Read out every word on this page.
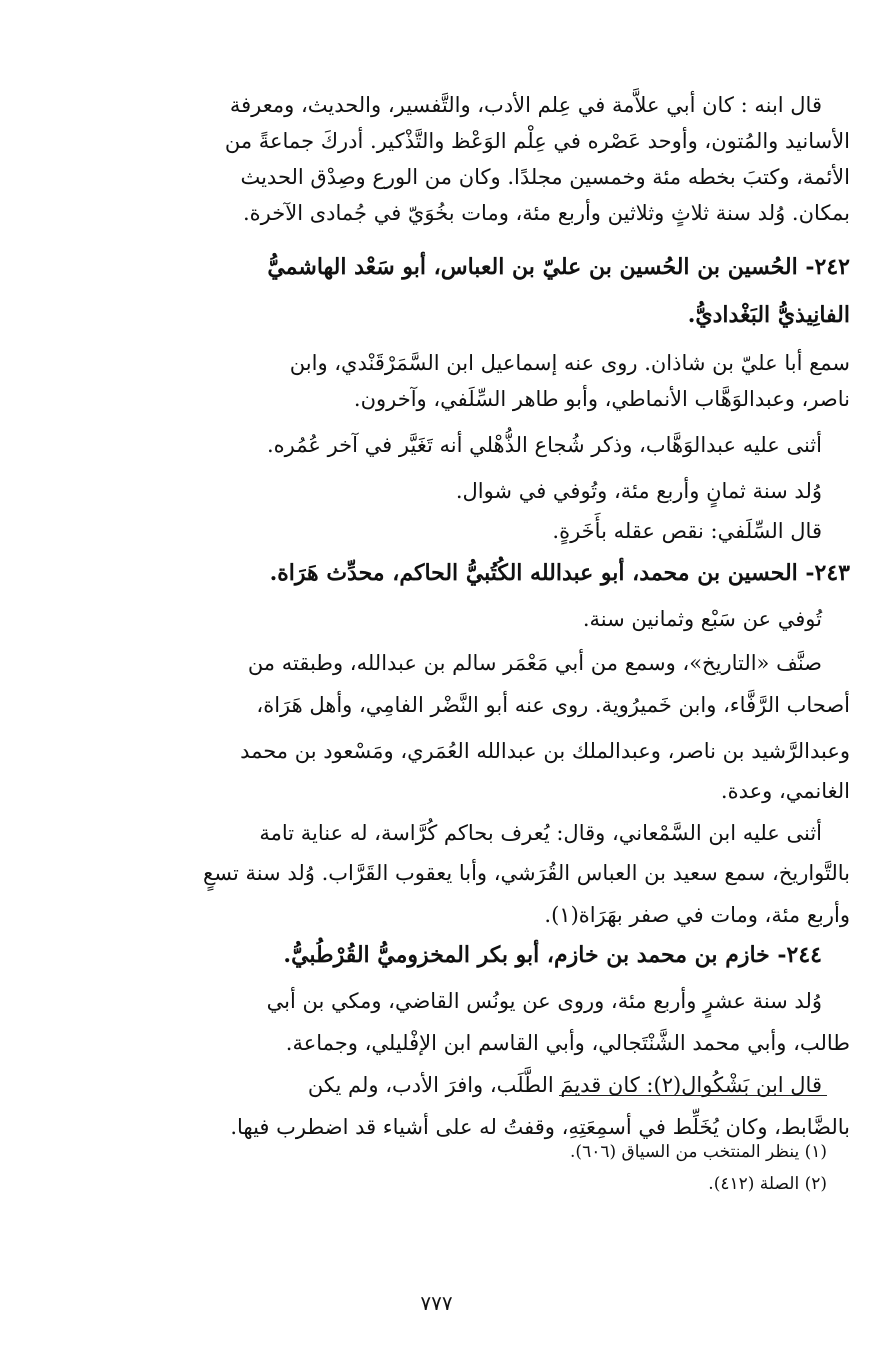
قال ابنه : كان أبي علاَّمة في عِلم الأدب، والتَّفسير، والحديث، ومعرفة
الأسانيد والمُتون، وأوحد عَصْره في عِلْم الوَعْظ والتَّذْكير. أدركَ جماعةً من
الأئمة، وكتبَ بخطه مئة وخمسين مجلدًا. وكان من الورع وصِدْق الحديث
بمكان. وُلد سنة ثلاثٍ وثلاثين وأربع مئة، ومات بخُوَيّ في جُمادى الآخرة.
٢٤٢- الحُسين بن الحُسين بن عليّ بن العباس، أبو سَعْد الهاشميُّ
الفانِيذيُّ البَغْداديُّ.
سمع أبا عليّ بن شاذان. روى عنه إسماعيل ابن السَّمَرْقَنْدي، وابن
ناصر، وعبدالوَهَّاب الأنماطي، وأبو طاهر السِّلَفي، وآخرون.
أثنى عليه عبدالوَهَّاب، وذكر شُجاع الذُّهْلي أنه تَغَيَّر في آخر عُمُره.
وُلد سنة ثمانٍ وأربع مئة، وتُوفي في شوال.
قال السِّلَفي: نقص عقله بأَخَرةٍ.
٢٤٣- الحسين بن محمد، أبو عبدالله الكُتُبيُّ الحاكم، محدِّث هَرَاة.
تُوفي عن سَبْع وثمانين سنة.
صنَّف «التاريخ»، وسمع من أبي مَعْمَر سالم بن عبدالله، وطبقته من
أصحاب الرَّفَّاء، وابن خَميرُوية. روى عنه أبو النَّضْر الفامِي، وأهل هَرَاة،
وعبدالرَّشيد بن ناصر، وعبدالملك بن عبدالله العُمَري، ومَسْعود بن محمد
الغانمي، وعدة.
أثنى عليه ابن السَّمْعاني، وقال: يُعرف بحاكم كُرَّاسة، له عناية تامة
بالتَّواريخ، سمع سعيد بن العباس القُرَشي، وأبا يعقوب القَرَّاب. وُلد سنة تسعٍ
وأربع مئة، ومات في صفر بهَرَاة(١).
٢٤٤- خازم بن محمد بن خازم، أبو بكر المخزوميُّ القُرْطُبيُّ.
وُلد سنة عشرٍ وأربع مئة، وروى عن يونُس القاضي، ومكي بن أبي
طالب، وأبي محمد الشَّنْتَجالي، وأبي القاسم ابن الإفْليلي، وجماعة.
قال ابن بَشْكُوال(٢): كان قديمَ الطَّلَب، وافرَ الأدب، ولم يكن
بالضَّابط، وكان يُخَلِّط في أسمِعَتِهِ، وقفتُ له على أشياء قد اضطرب فيها.
(١) ينظر المنتخب من السياق (٦٠٦).
(٢) الصلة (٤١٢).
٧٧٧
